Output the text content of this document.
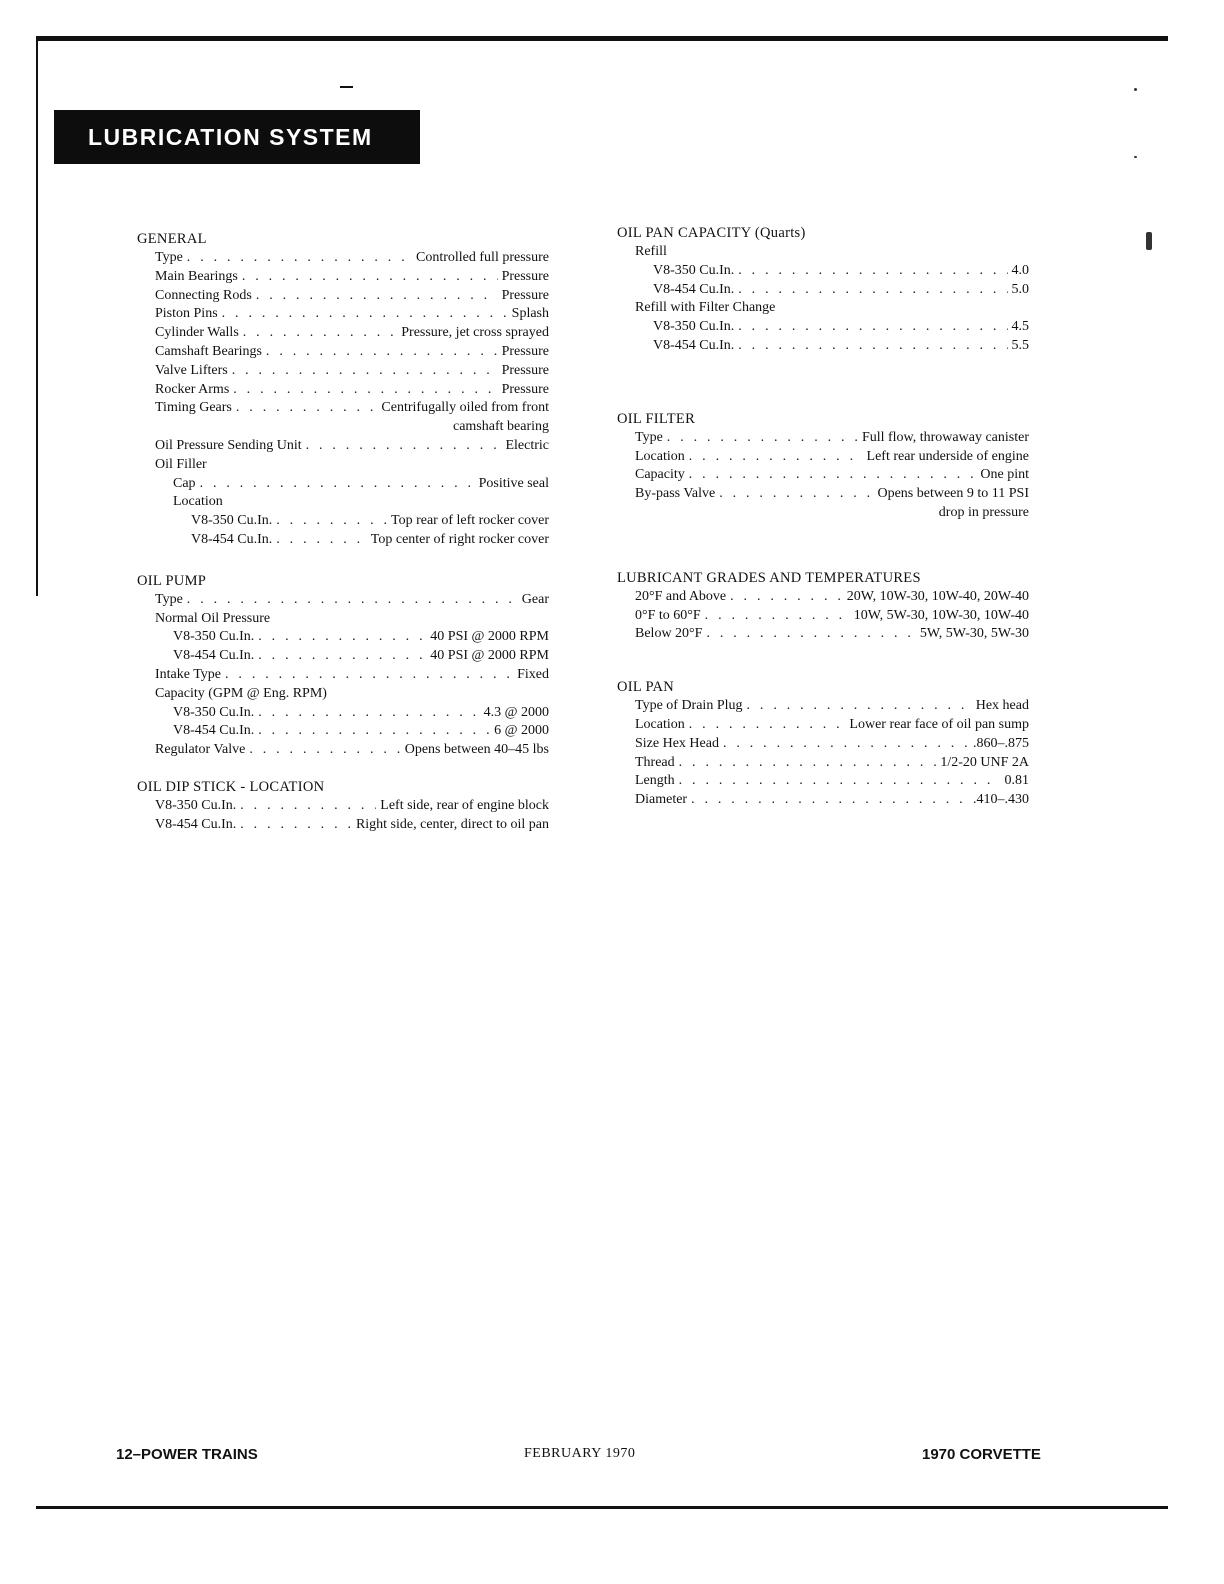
LUBRICATION SYSTEM
GENERAL
Type . . .	Controlled full pressure
Main Bearings . . .	Pressure
Connecting Rods . . .	Pressure
Piston Pins . . .	Splash
Cylinder Walls . . .	Pressure, jet cross sprayed
Camshaft Bearings . . .	Pressure
Valve Lifters . . .	Pressure
Rocker Arms . . .	Pressure
Timing Gears . . .	Centrifugally oiled from front
camshaft bearing
Oil Pressure Sending Unit . . .	Electric
Oil Filler
Cap . . .	Positive seal
Location
V8-350 Cu.In. . . .	Top rear of left rocker cover
V8-454 Cu.In. . . .	Top center of right rocker cover
OIL PUMP
Type . . .	Gear
Normal Oil Pressure
V8-350 Cu.In. . . .	40 PSI @ 2000 RPM
V8-454 Cu.In. . . .	40 PSI @ 2000 RPM
Intake Type . . .	Fixed
Capacity (GPM @ Eng. RPM)
V8-350 Cu.In. . . .	4.3 @ 2000
V8-454 Cu.In. . . .	6 @ 2000
Regulator Valve . . .	Opens between 40–45 lbs
OIL DIP STICK - LOCATION
V8-350 Cu.In. . . .	Left side, rear of engine block
V8-454 Cu.In. . . .	Right side, center, direct to oil pan
OIL PAN CAPACITY (Quarts)
Refill
V8-350 Cu.In. . . .	4.0
V8-454 Cu.In. . . .	5.0
Refill with Filter Change
V8-350 Cu.In. . . .	4.5
V8-454 Cu.In. . . .	5.5
OIL FILTER
Type . . .	Full flow, throwaway canister
Location . . .	Left rear underside of engine
Capacity . . .	One pint
By-pass Valve . . .	Opens between 9 to 11 PSI
drop in pressure
LUBRICANT GRADES AND TEMPERATURES
20°F and Above . . .	20W, 10W-30, 10W-40, 20W-40
0°F to 60°F . . .	10W, 5W-30, 10W-30, 10W-40
Below 20°F . . .	5W, 5W-30, 5W-30
OIL PAN
Type of Drain Plug . . .	Hex head
Location . . .	Lower rear face of oil pan sump
Size Hex Head . . .	.860–.875
Thread . . .	1/2-20 UNF 2A
Length . . .	0.81
Diameter . . .	.410–.430
12–POWER TRAINS	FEBRUARY 1970	1970 CORVETTE
